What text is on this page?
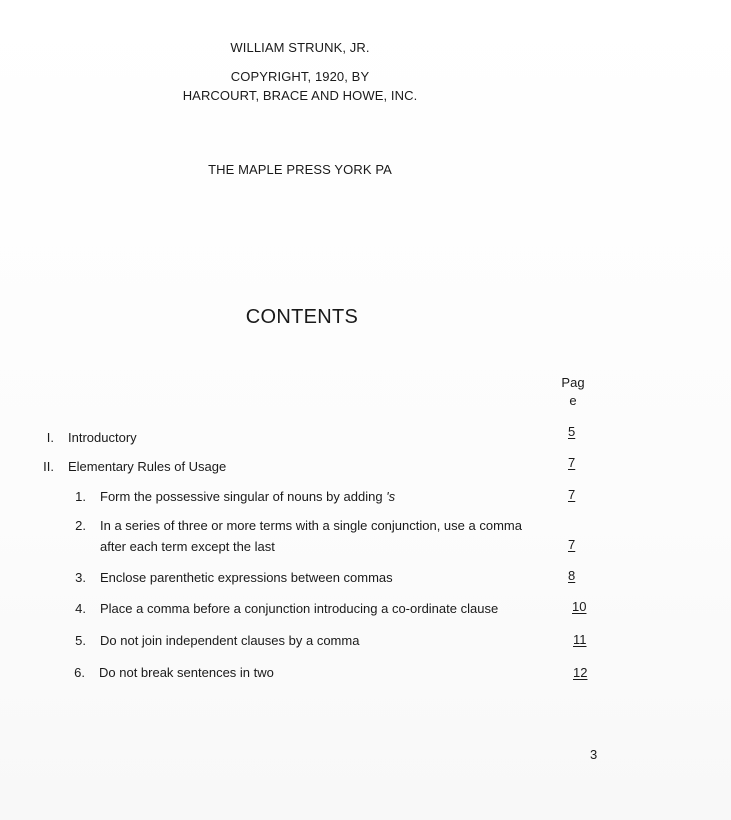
WILLIAM STRUNK, JR.
COPYRIGHT, 1920, BY
HARCOURT, BRACE AND HOWE, INC.
THE MAPLE PRESS YORK PA
CONTENTS
Pag
e
I. Introductory	5
II. Elementary Rules of Usage	7
1. Form the possessive singular of nouns by adding 's	7
2. In a series of three or more terms with a single conjunction, use a comma
after each term except the last	7
3. Enclose parenthetic expressions between commas	8
4. Place a comma before a conjunction introducing a co-ordinate clause	10
5. Do not join independent clauses by a comma	11
6. Do not break sentences in two	12
3
